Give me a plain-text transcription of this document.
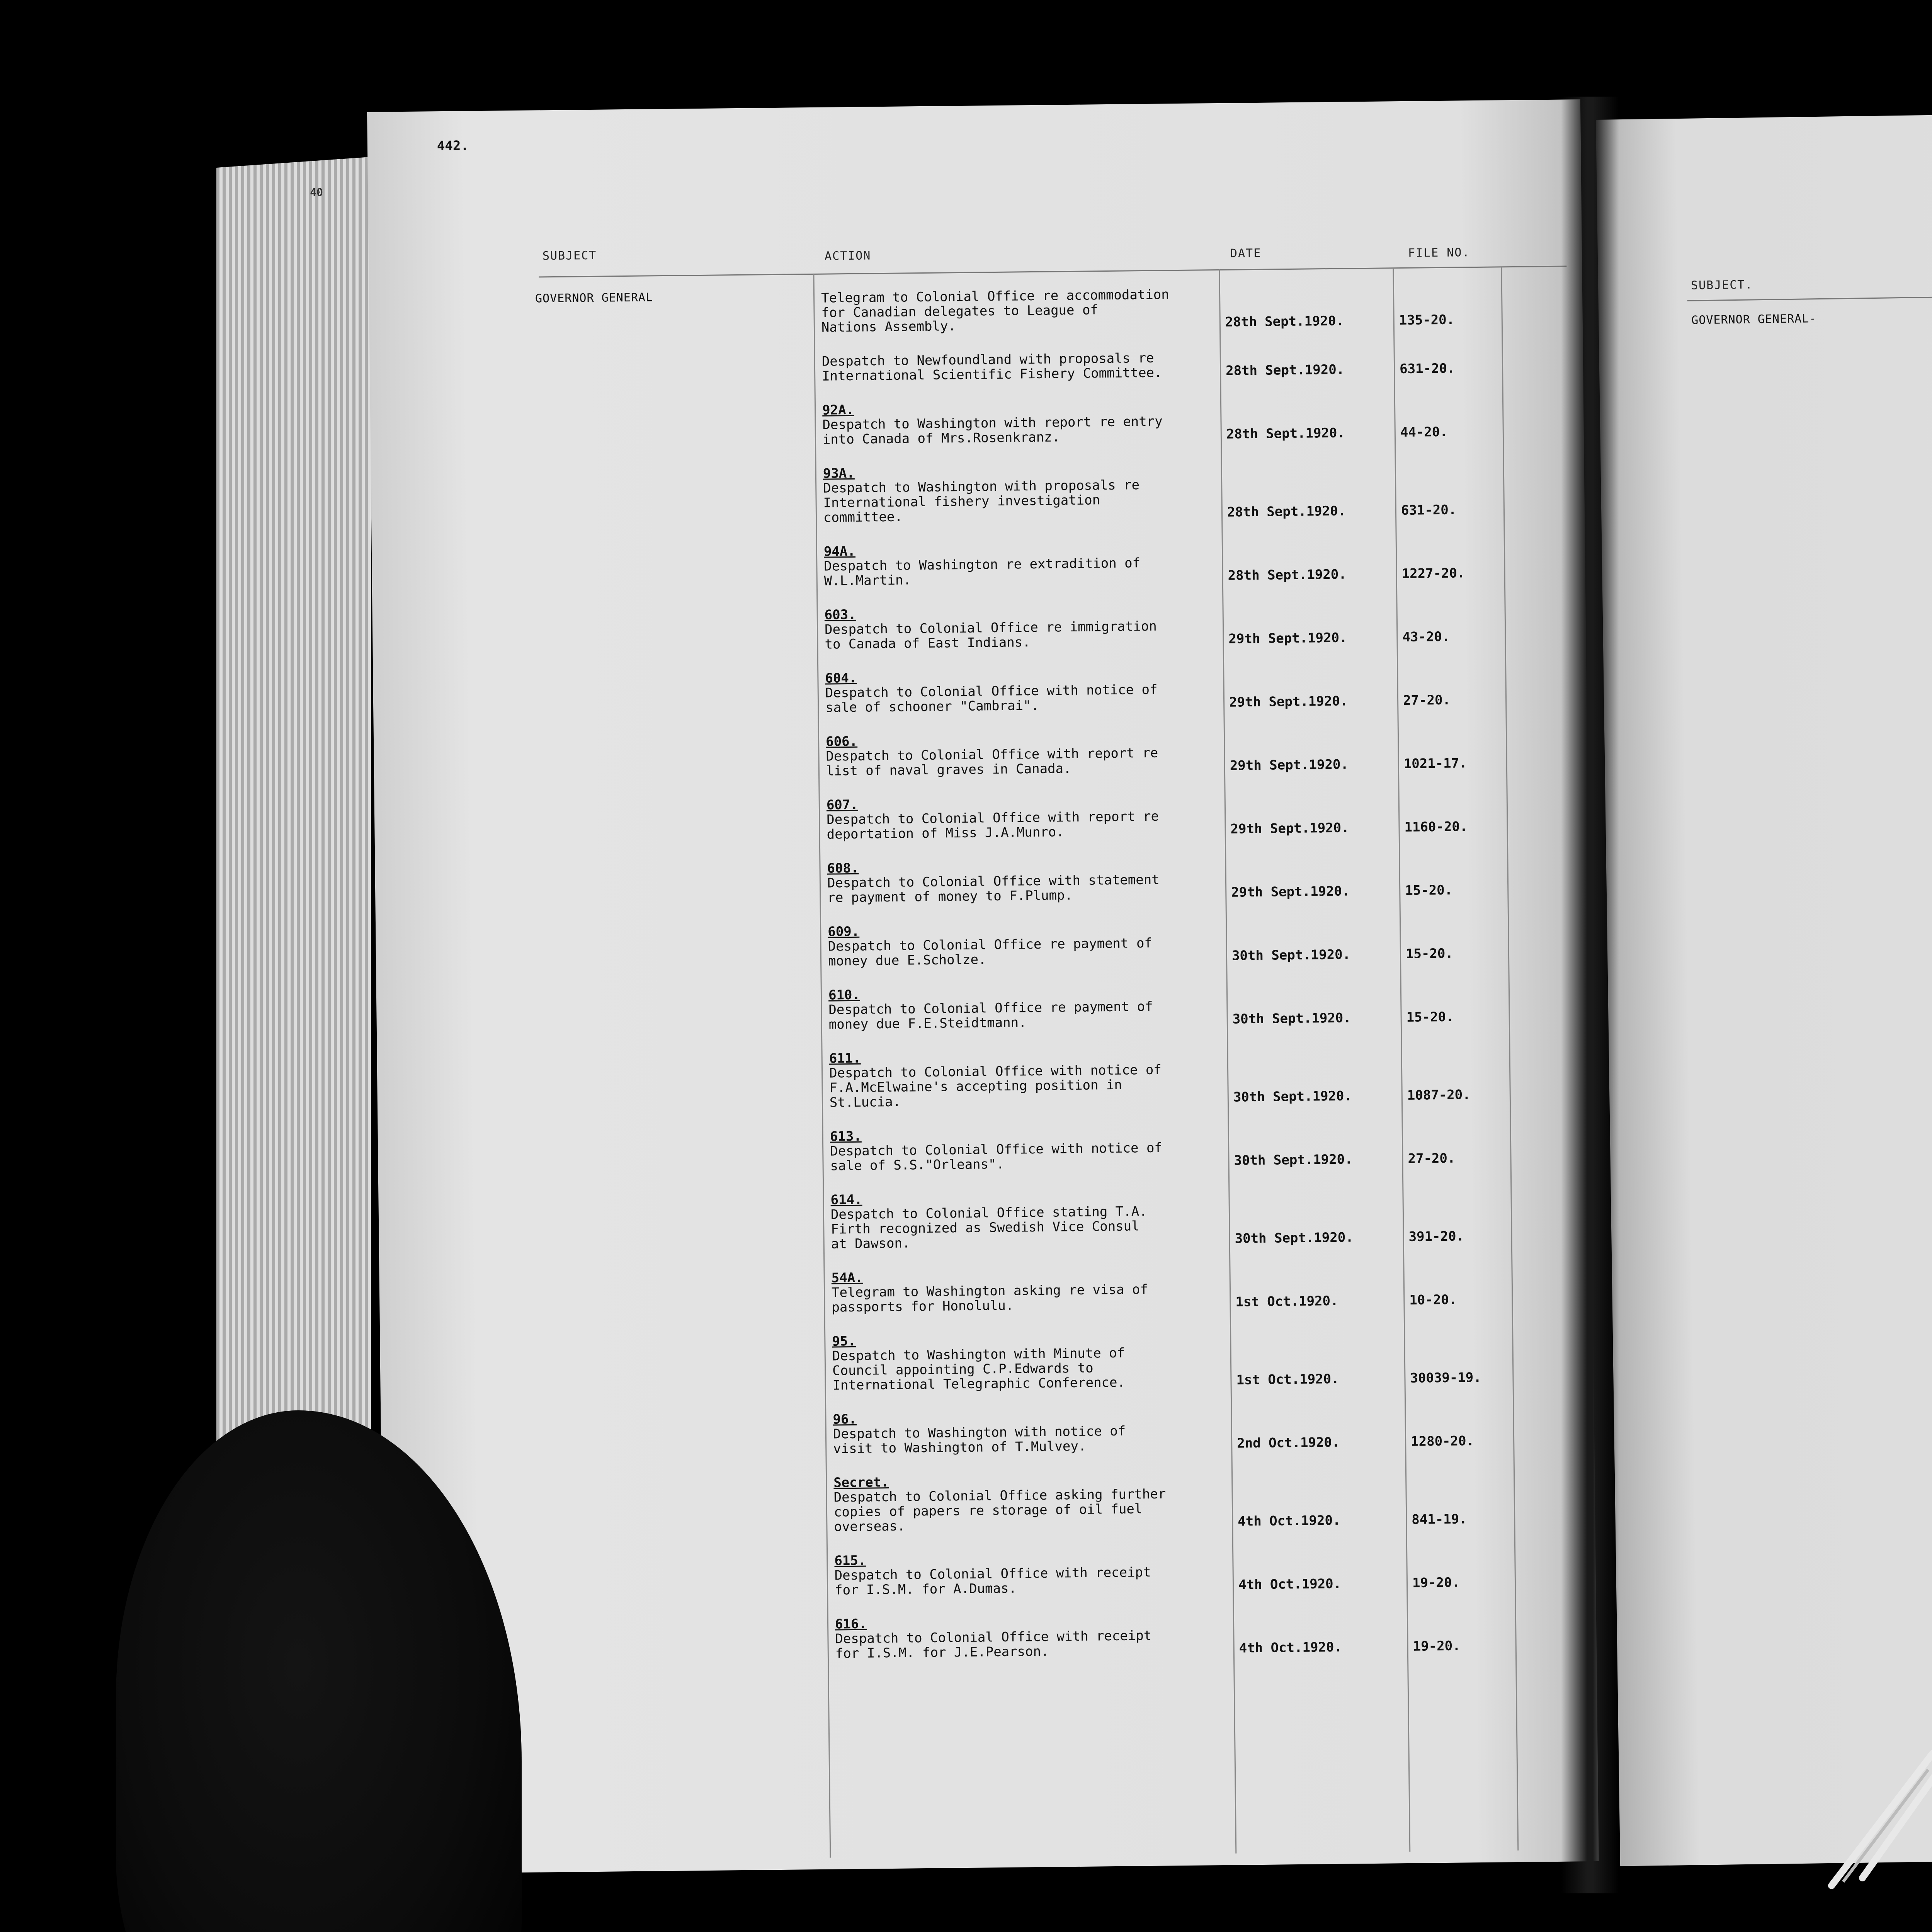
442.
40
SUBJECT	ACTION	DATE	FILE NO.
GOVERNOR GENERAL	Telegram to Colonial Office re accommodation
for Canadian delegates to League of
Nations Assembly.	28th Sept.1920.	135-20.
Despatch to Newfoundland with proposals re
International Scientific Fishery Committee.	28th Sept.1920.	631-20.
92A.
Despatch to Washington with report re entry
into Canada of Mrs.Rosenkranz.	28th Sept.1920.	44-20.
93A.
Despatch to Washington with proposals re
International fishery investigation
committee.	28th Sept.1920.	631-20.
94A.
Despatch to Washington re extradition of
W.L.Martin.	28th Sept.1920.	1227-20.
603.
Despatch to Colonial Office re immigration
to Canada of East Indians.	29th Sept.1920.	43-20.
604.
Despatch to Colonial Office with notice of
sale of schooner "Cambrai".	29th Sept.1920.	27-20.
606.
Despatch to Colonial Office with report re
list of naval graves in Canada.	29th Sept.1920.	1021-17.
607.
Despatch to Colonial Office with report re
deportation of Miss J.A.Munro.	29th Sept.1920.	1160-20.
608.
Despatch to Colonial Office with statement
re payment of money to F.Plump.	29th Sept.1920.	15-20.
609.
Despatch to Colonial Office re payment of
money due E.Scholze.	30th Sept.1920.	15-20.
610.
Despatch to Colonial Office re payment of
money due F.E.Steidtmann.	30th Sept.1920.	15-20.
611.
Despatch to Colonial Office with notice of
F.A.McElwaine's accepting position in
St.Lucia.	30th Sept.1920.	1087-20.
613.
Despatch to Colonial Office with notice of
sale of S.S."Orleans".	30th Sept.1920.	27-20.
614.
Despatch to Colonial Office stating T.A.
Firth recognized as Swedish Vice Consul
at Dawson.	30th Sept.1920.	391-20.
54A.
Telegram to Washington asking re visa of
passports for Honolulu.	1st Oct.1920.	10-20.
95.
Despatch to Washington with Minute of
Council appointing C.P.Edwards to
International Telegraphic Conference.	1st Oct.1920.	30039-19.
96.
Despatch to Washington with notice of
visit to Washington of T.Mulvey.	2nd Oct.1920.	1280-20.
Secret.
Despatch to Colonial Office asking further
copies of papers re storage of oil fuel
overseas.	4th Oct.1920.	841-19.
615.
Despatch to Colonial Office with receipt
for I.S.M. for A.Dumas.	4th Oct.1920.	19-20.
616.
Despatch to Colonial Office with receipt
for I.S.M. for J.E.Pearson.	4th Oct.1920.	19-20.
SUBJECT.
GOVERNOR GENERAL-
